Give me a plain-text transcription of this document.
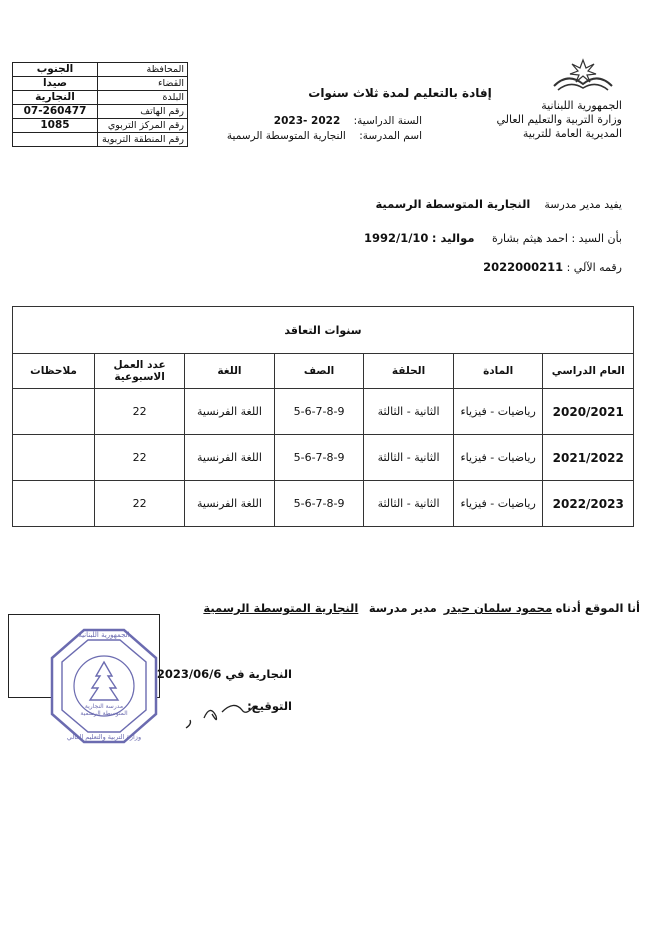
الجنوب	المحافظة
صيدا	القضاء
النجارية	البلدة
07-260477	رقم الهاتف
1085	رقم المركز التربوي
	رقم المنطقة التربوية
الجمهورية اللبنانية
وزارة التربية والتعليم العالي
المديرية العامة للتربية
إفادة بالتعليم لمدة ثلاث سنوات
السنة الدراسية:    2022 -2023
اسم المدرسة:    النجارية المتوسطة الرسمية
يفيد مدير مدرسة    النجارية المتوسطة الرسمية
بأن السيد : احمد هيثم بشارة     مواليد : 1992/1/10
رقمه الآلي : 2022000211
سنوات التعاقد						
العام الدراسي	المادة	الحلقة	الصف	اللغة	عدد العمل الاسبوعية	ملاحظات
2020/2021	رياضيات - فيزياء	الثانية - الثالثة	5-6-7-8-9	اللغة الفرنسية	22	
2021/2022	رياضيات - فيزياء	الثانية - الثالثة	5-6-7-8-9	اللغة الفرنسية	22	
2022/2023	رياضيات - فيزياء	الثانية - الثالثة	5-6-7-8-9	اللغة الفرنسية	22	
أنا الموقع أدناه محمود سلمان حيدر  مدير مدرسة   النجارية المتوسطة الرسمية
النجارية في 2023/06/6
التوقيع:
الجمهورية اللبنانية
وزارة التربية والتعليم العالي
مدرسة النجارية
المتوسطة الرسمية
